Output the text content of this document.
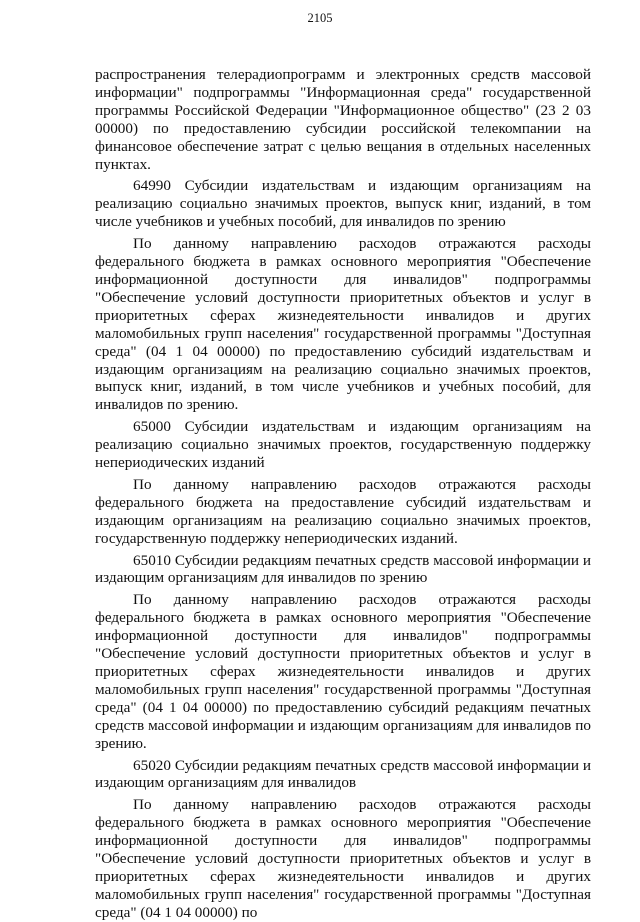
2105

распространения телерадиопрограмм и электронных средств массовой информации" подпрограммы "Информационная среда" государственной программы Российской Федерации "Информационное общество" (23 2 03 00000) по предоставлению субсидии российской телекомпании на финансовое обеспечение затрат с целью вещания в отдельных населенных пунктах.

64990 Субсидии издательствам и издающим организациям на реализацию социально значимых проектов, выпуск книг, изданий, в том числе учебников и учебных пособий, для инвалидов по зрению

По данному направлению расходов отражаются расходы федерального бюджета в рамках основного мероприятия "Обеспечение информационной доступности для инвалидов" подпрограммы "Обеспечение условий доступности приоритетных объектов и услуг в приоритетных сферах жизнедеятельности инвалидов и других маломобильных групп населения" государственной программы "Доступная среда" (04 1 04 00000) по предоставлению субсидий издательствам и издающим организациям на реализацию социально значимых проектов, выпуск книг, изданий, в том числе учебников и учебных пособий, для инвалидов по зрению.

65000 Субсидии издательствам и издающим организациям на реализацию социально значимых проектов, государственную поддержку непериодических изданий

По данному направлению расходов отражаются расходы федерального бюджета на предоставление субсидий издательствам и издающим организациям на реализацию социально значимых проектов, государственную поддержку непериодических изданий.

65010 Субсидии редакциям печатных средств массовой информации и издающим организациям для инвалидов по зрению

По данному направлению расходов отражаются расходы федерального бюджета в рамках основного мероприятия "Обеспечение информационной доступности для инвалидов" подпрограммы "Обеспечение условий доступности приоритетных объектов и услуг в приоритетных сферах жизнедеятельности инвалидов и других маломобильных групп населения" государственной программы "Доступная среда" (04 1 04 00000) по предоставлению субсидий редакциям печатных средств массовой информации и издающим организациям для инвалидов по зрению.

65020 Субсидии редакциям печатных средств массовой информации и издающим организациям для инвалидов

По данному направлению расходов отражаются расходы федерального бюджета в рамках основного мероприятия "Обеспечение информационной доступности для инвалидов" подпрограммы "Обеспечение условий доступности приоритетных объектов и услуг в приоритетных сферах жизнедеятельности инвалидов и других маломобильных групп населения" государственной программы "Доступная среда" (04 1 04 00000) по
